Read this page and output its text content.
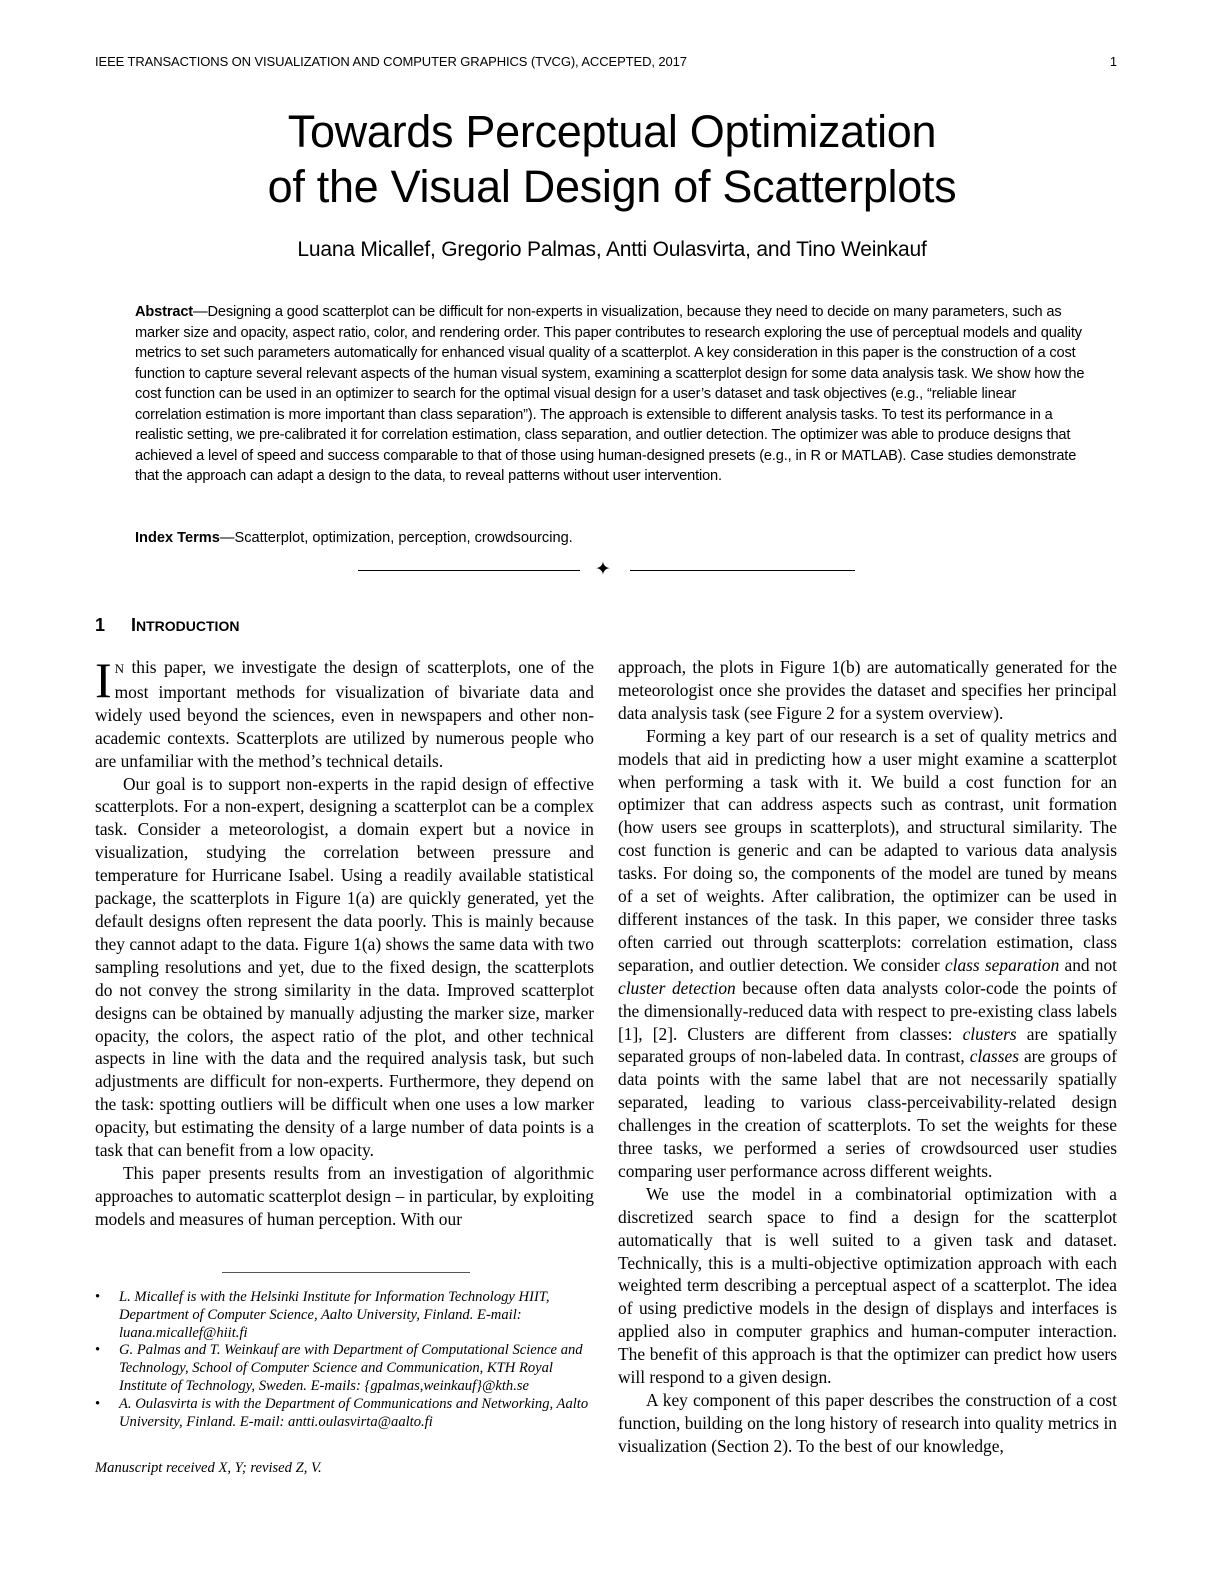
IEEE TRANSACTIONS ON VISUALIZATION AND COMPUTER GRAPHICS (TVCG), ACCEPTED, 2017	1
Towards Perceptual Optimization
of the Visual Design of Scatterplots
Luana Micallef, Gregorio Palmas, Antti Oulasvirta, and Tino Weinkauf
Abstract—Designing a good scatterplot can be difficult for non-experts in visualization, because they need to decide on many parameters, such as marker size and opacity, aspect ratio, color, and rendering order. This paper contributes to research exploring the use of perceptual models and quality metrics to set such parameters automatically for enhanced visual quality of a scatterplot. A key consideration in this paper is the construction of a cost function to capture several relevant aspects of the human visual system, examining a scatterplot design for some data analysis task. We show how the cost function can be used in an optimizer to search for the optimal visual design for a user’s dataset and task objectives (e.g., “reliable linear correlation estimation is more important than class separation”). The approach is extensible to different analysis tasks. To test its performance in a realistic setting, we pre-calibrated it for correlation estimation, class separation, and outlier detection. The optimizer was able to produce designs that achieved a level of speed and success comparable to that of those using human-designed presets (e.g., in R or MATLAB). Case studies demonstrate that the approach can adapt a design to the data, to reveal patterns without user intervention.
Index Terms—Scatterplot, optimization, perception, crowdsourcing.
✦
1 INTRODUCTION

I N this paper, we investigate the design of scatterplots, one of the most important methods for visualization of bivariate data and widely used beyond the sciences, even in newspapers and other non-academic contexts. Scatterplots are utilized by numerous people who are unfamiliar with the method’s technical details.

Our goal is to support non-experts in the rapid design of effective scatterplots. For a non-expert, designing a scatterplot can be a complex task. Consider a meteorologist, a domain expert but a novice in visualization, studying the correlation between pressure and temperature for Hurricane Isabel. Using a readily available statistical package, the scatterplots in Figure 1(a) are quickly generated, yet the default designs often represent the data poorly. This is mainly because they cannot adapt to the data. Figure 1(a) shows the same data with two sampling resolutions and yet, due to the fixed design, the scatterplots do not convey the strong similarity in the data. Improved scatterplot designs can be obtained by manually adjusting the marker size, marker opacity, the colors, the aspect ratio of the plot, and other technical aspects in line with the data and the required analysis task, but such adjustments are difficult for non-experts. Furthermore, they depend on the task: spotting outliers will be difficult when one uses a low marker opacity, but estimating the density of a large number of data points is a task that can benefit from a low opacity.

This paper presents results from an investigation of algorithmic approaches to automatic scatterplot design – in particular, by exploiting models and measures of human perception. With our

• L. Micallef is with the Helsinki Institute for Information Technology HIIT, Department of Computer Science, Aalto University, Finland. E-mail: luana.micallef@hiit.fi
• G. Palmas and T. Weinkauf are with Department of Computational Science and Technology, School of Computer Science and Communication, KTH Royal Institute of Technology, Sweden. E-mails: {gpalmas,weinkauf}@kth.se
• A. Oulasvirta is with the Department of Communications and Networking, Aalto University, Finland. E-mail: antti.oulasvirta@aalto.fi
Manuscript received X, Y; revised Z, V.

approach, the plots in Figure 1(b) are automatically generated for the meteorologist once she provides the dataset and specifies her principal data analysis task (see Figure 2 for a system overview).

Forming a key part of our research is a set of quality metrics and models that aid in predicting how a user might examine a scatterplot when performing a task with it. We build a cost function for an optimizer that can address aspects such as contrast, unit formation (how users see groups in scatterplots), and structural similarity. The cost function is generic and can be adapted to various data analysis tasks. For doing so, the components of the model are tuned by means of a set of weights. After calibration, the optimizer can be used in different instances of the task. In this paper, we consider three tasks often carried out through scatterplots: correlation estimation, class separation, and outlier detection. We consider class separation and not cluster detection because often data analysts color-code the points of the dimensionally-reduced data with respect to pre-existing class labels [1], [2]. Clusters are different from classes: clusters are spatially separated groups of non-labeled data. In contrast, classes are groups of data points with the same label that are not necessarily spatially separated, leading to various class-perceivability-related design challenges in the creation of scatterplots. To set the weights for these three tasks, we performed a series of crowdsourced user studies comparing user performance across different weights.

We use the model in a combinatorial optimization with a discretized search space to find a design for the scatterplot automatically that is well suited to a given task and dataset. Technically, this is a multi-objective optimization approach with each weighted term describing a perceptual aspect of a scatterplot. The idea of using predictive models in the design of displays and interfaces is applied also in computer graphics and human-computer interaction. The benefit of this approach is that the optimizer can predict how users will respond to a given design.

A key component of this paper describes the construction of a cost function, building on the long history of research into quality metrics in visualization (Section 2). To the best of our knowledge,
